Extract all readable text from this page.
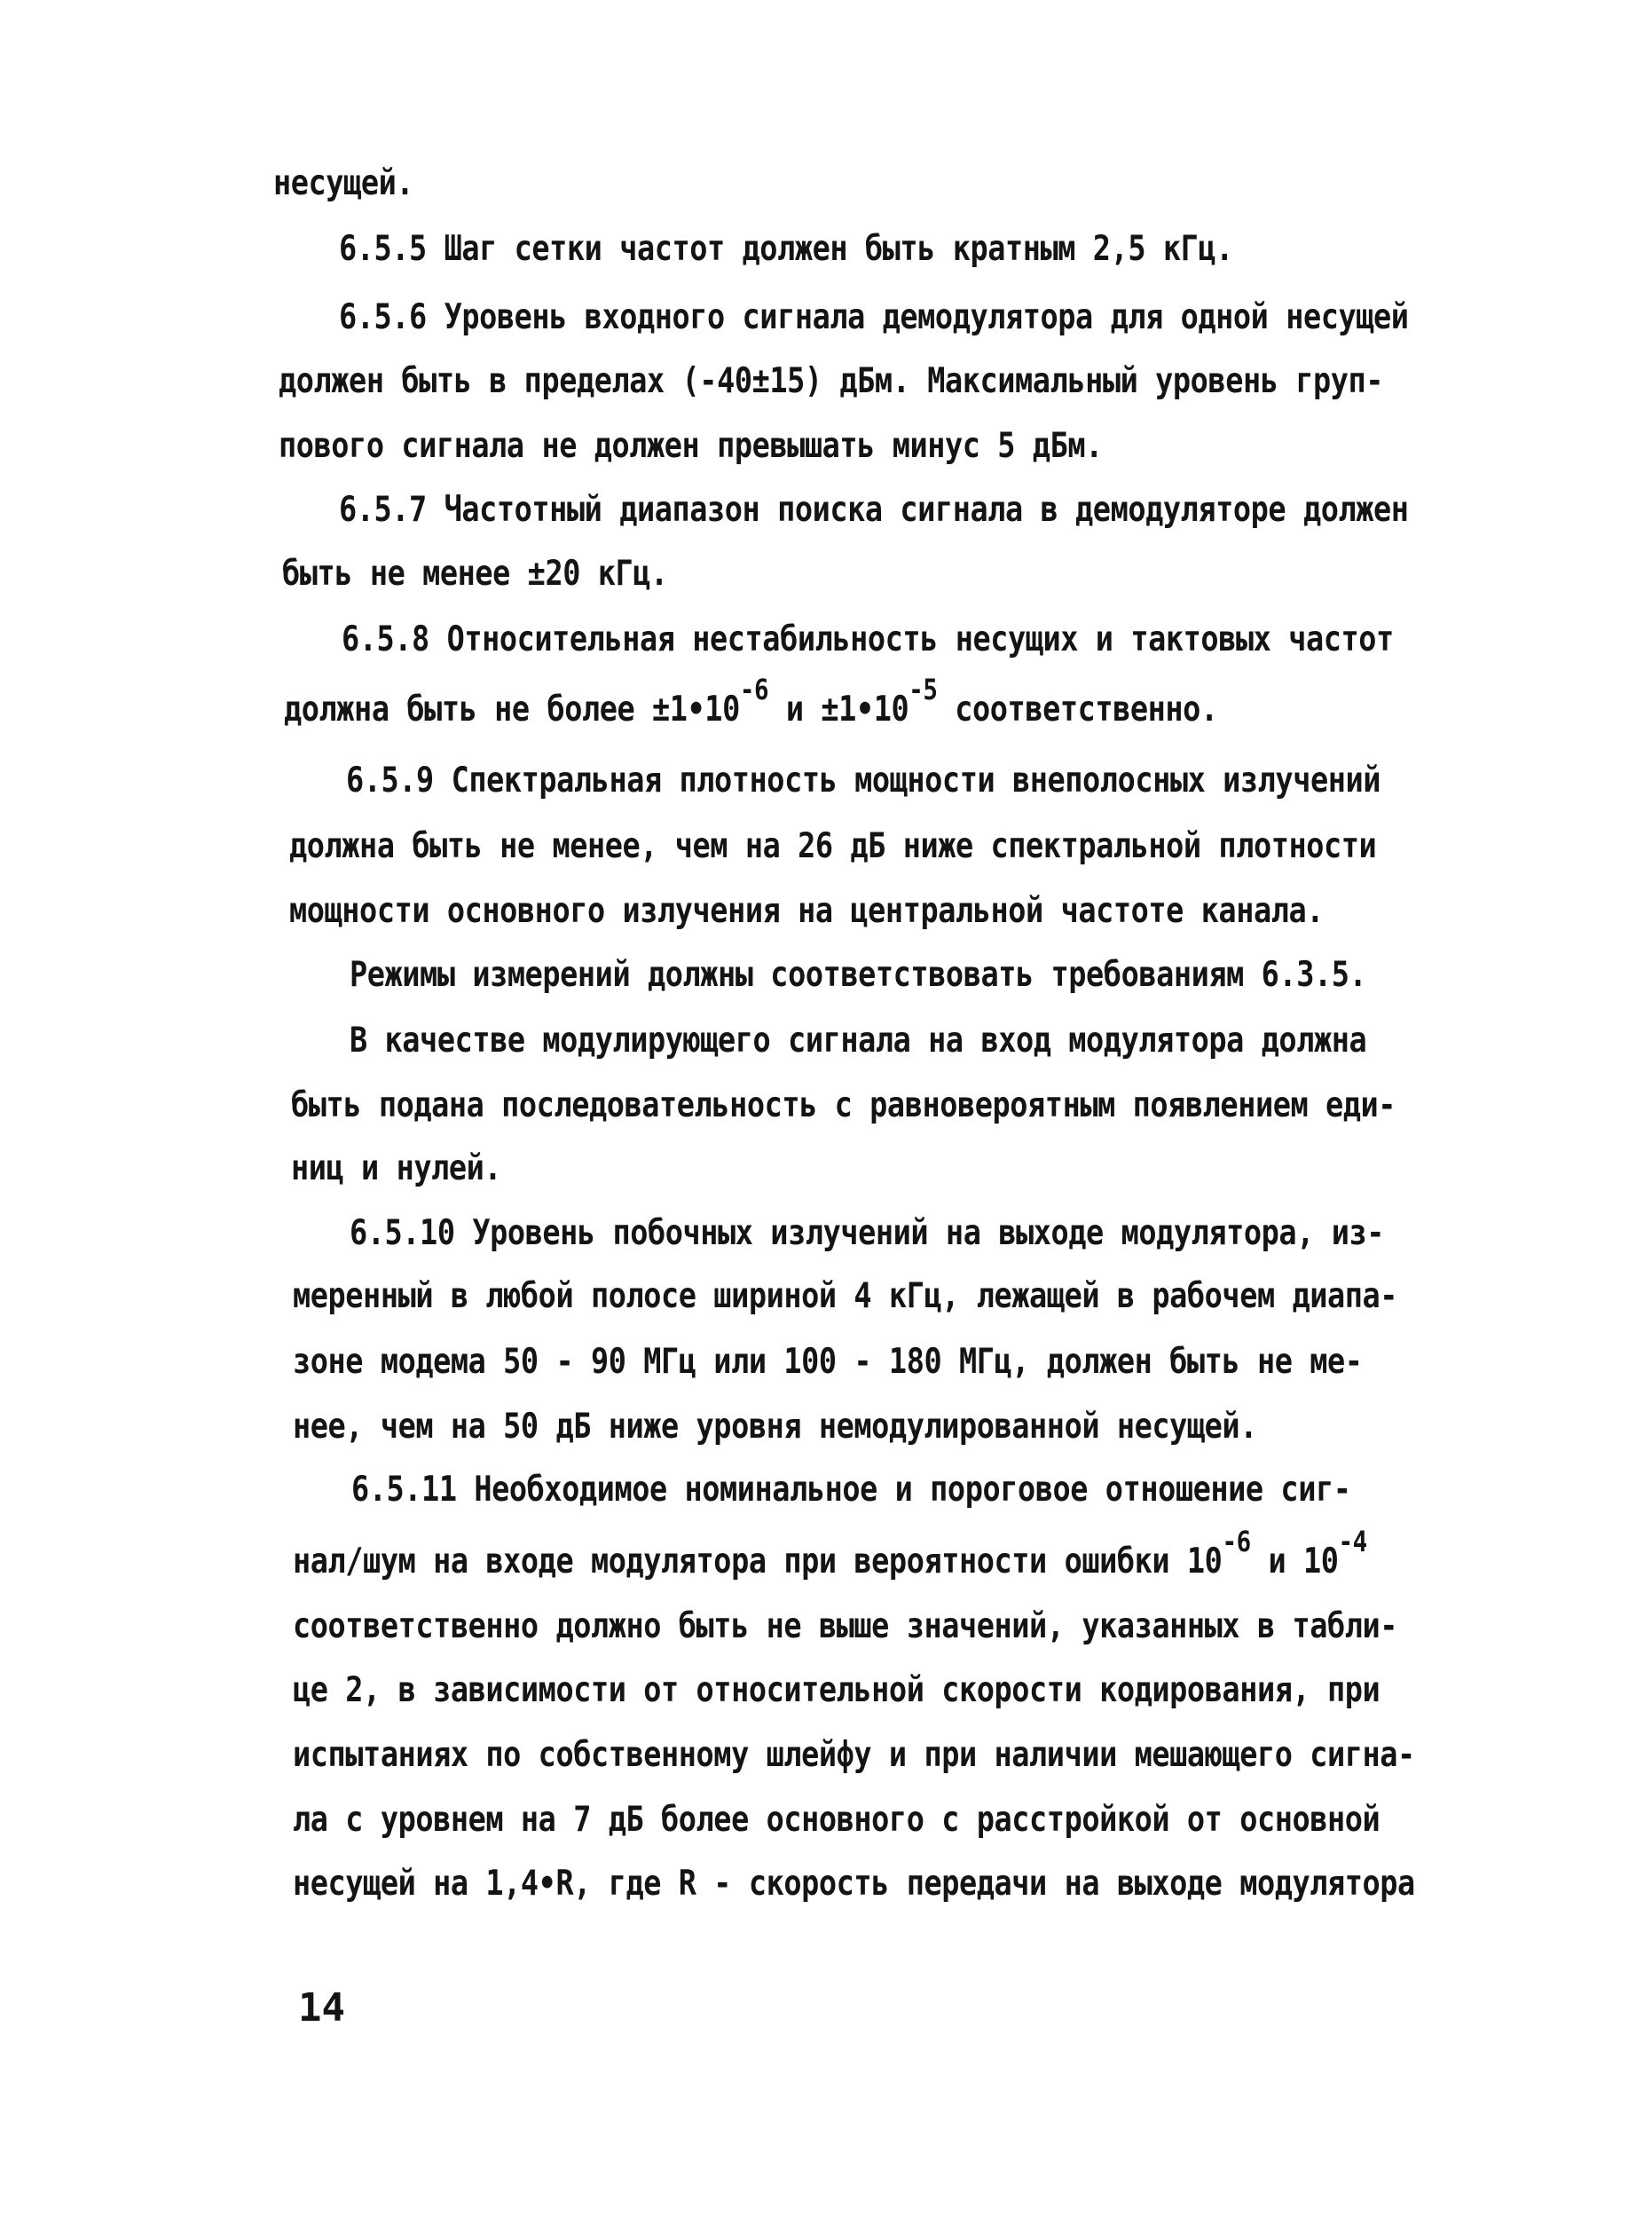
несущей.
6.5.5 Шаг сетки частот должен быть кратным 2,5 кГц.
6.5.6 Уровень входного сигнала демодулятора для одной несущей
должен быть в пределах (-40±15) дБм. Максимальный уровень груп-
пового сигнала не должен превышать минус 5 дБм.
6.5.7 Частотный диапазон поиска сигнала в демодуляторе должен
быть не менее ±20 кГц.
6.5.8 Относительная нестабильность несущих и тактовых частот
должна быть не более $\pm 1•10^{-6}$ $и \pm 1•10^{-5}$ соответственно.
6.5.9 Спектральная плотность мощности внеполосных излучений
должна быть не менее, чем на 26 дБ ниже спектральной плотности
мощности основного излучения на центральной частоте канала.
Режимы измерений должны соответствовать требованиям 6.3.5.
В качестве модулирующего сигнала на вход модулятора должна
быть подана последовательность с равновероятным появлением еди-
ниц и нулей.
6.5.10 Уровень побочных излучений на выходе модулятора, из-
меренный в любой полосе шириной 4 кГц, лежащей в рабочем диапа-
зоне модема 50 - 90 МГц или 100 - 180 МГц, должен быть не ме-
нее, чем на 50 дБ ниже уровня немодулированной несущей.
6.5.11 Необходимое номинальное и пороговое отношение сиг-
нал/шум на входе модулятора при вероятности ошибки $10^{-6}$ и $10^{-4}$
соответственно должно быть не выше значений, указанных в табли-
це 2, в зависимости от относительной скорости кодирования, при
испытаниях по собственному шлейфу и при наличии мешающего сигна-
ла с уровнем на 7 дБ более основного с расстройкой от основной
несущей на 1,4•R, где R - скорость передачи на выходе модулятора
14
